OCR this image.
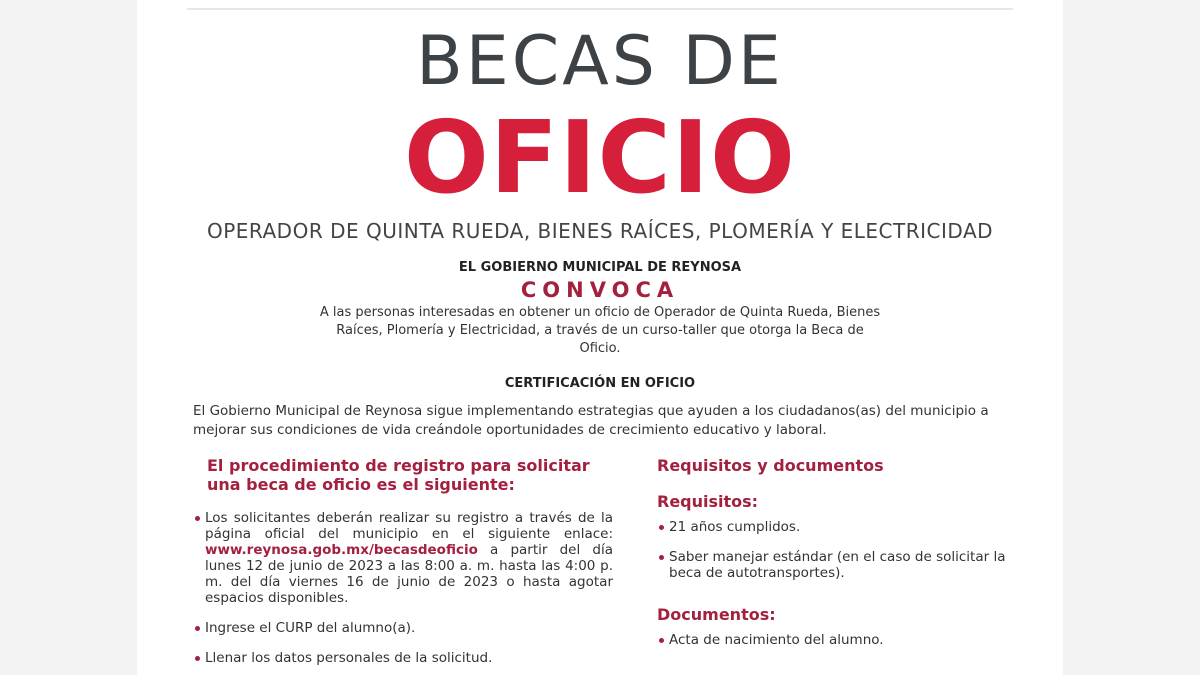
BECAS DE
OFICIO
OPERADOR DE QUINTA RUEDA, BIENES RAÍCES, PLOMERÍA Y ELECTRICIDAD
EL GOBIERNO MUNICIPAL DE REYNOSA
CONVOCA
A las personas interesadas en obtener un oficio de Operador de Quinta Rueda, Bienes Raíces, Plomería y Electricidad, a través de un curso-taller que otorga la Beca de Oficio.
CERTIFICACIÓN EN OFICIO
El Gobierno Municipal de Reynosa sigue implementando estrategias que ayuden a los ciudadanos(as) del municipio a mejorar sus condiciones de vida creándole oportunidades de crecimiento educativo y laboral.
El procedimiento de registro para solicitar una beca de oficio es el siguiente:
Los solicitantes deberán realizar su registro a través de la página oficial del municipio en el siguiente enlace: www.reynosa.gob.mx/becasdeoficio a partir del día lunes 12 de junio de 2023 a las 8:00 a. m. hasta las 4:00 p. m. del día viernes 16 de junio de 2023 o hasta agotar espacios disponibles.
Ingrese el CURP del alumno(a).
Llenar los datos personales de la solicitud.
Requisitos y documentos
Requisitos:
21 años cumplidos.
Saber manejar estándar (en el caso de solicitar la beca de autotransportes).
Documentos:
Acta de nacimiento del alumno.
